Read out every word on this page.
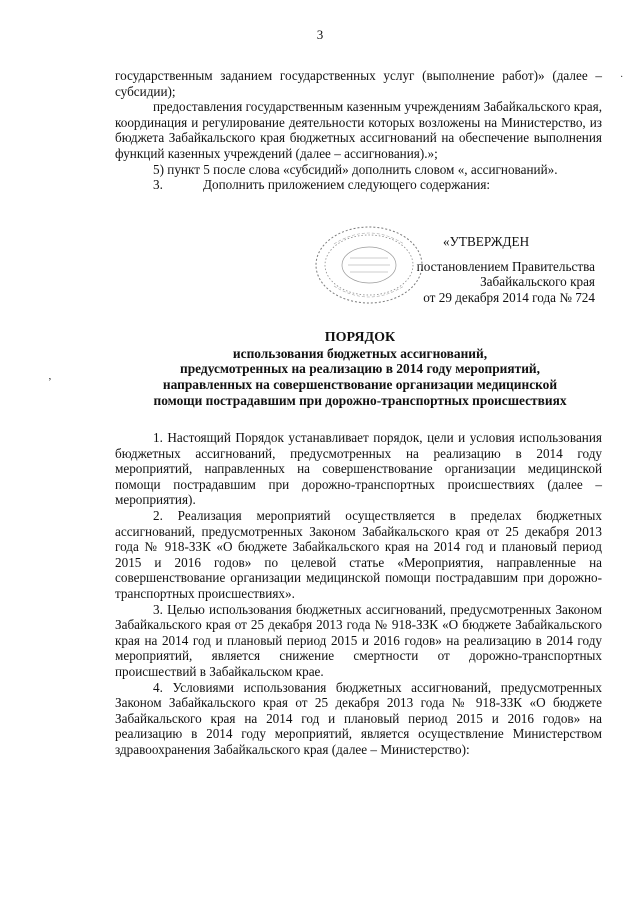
3
·

государственным заданием государственных услуг (выполнение работ)» (далее – субсидии);

предоставления государственным казенным учреждениям Забайкальского края, координация и регулирование деятельности которых возложены на Министерство, из бюджета Забайкальского края бюджетных ассигнований на обеспечение выполнения функций казенных учреждений (далее – ассигнования).»;

5) пункт 5 после слова «субсидий» дополнить словом «, ассигнований».

3.	Дополнить приложением следующего содержания:

«УТВЕРЖДЕН
постановлением Правительства
Забайкальского края
от 29 декабря 2014 года № 724
ПОРЯДОК
использования бюджетных ассигнований,
предусмотренных на реализацию в 2014 году мероприятий,
направленных на совершенствование организации медицинской
помощи пострадавшим при дорожно-транспортных происшествиях
ʼ

1. Настоящий Порядок устанавливает порядок, цели и условия использования бюджетных ассигнований, предусмотренных на реализацию в 2014 году мероприятий, направленных на совершенствование организации медицинской помощи пострадавшим при дорожно-транспортных происшествиях (далее – мероприятия).

2. Реализация мероприятий осуществляется в пределах бюджетных ассигнований, предусмотренных Законом Забайкальского края от 25 декабря 2013 года № 918-ЗЗК «О бюджете Забайкальского края на 2014 год и плановый период 2015 и 2016 годов» по целевой статье «Мероприятия, направленные на совершенствование организации медицинской помощи пострадавшим при дорожно-транспортных происшествиях».

3. Целью использования бюджетных ассигнований, предусмотренных Законом Забайкальского края от 25 декабря 2013 года № 918-ЗЗК «О бюджете Забайкальского края на 2014 год и плановый период 2015 и 2016 годов» на реализацию в 2014 году мероприятий, является снижение смертности от дорожно-транспортных происшествий в Забайкальском крае.

4. Условиями использования бюджетных ассигнований, предусмотренных Законом Забайкальского края от 25 декабря 2013 года № 918-ЗЗК «О бюджете Забайкальского края на 2014 год и плановый период 2015 и 2016 годов» на реализацию в 2014 году мероприятий, является осуществление Министерством здравоохранения Забайкальского края (далее – Министерство):
